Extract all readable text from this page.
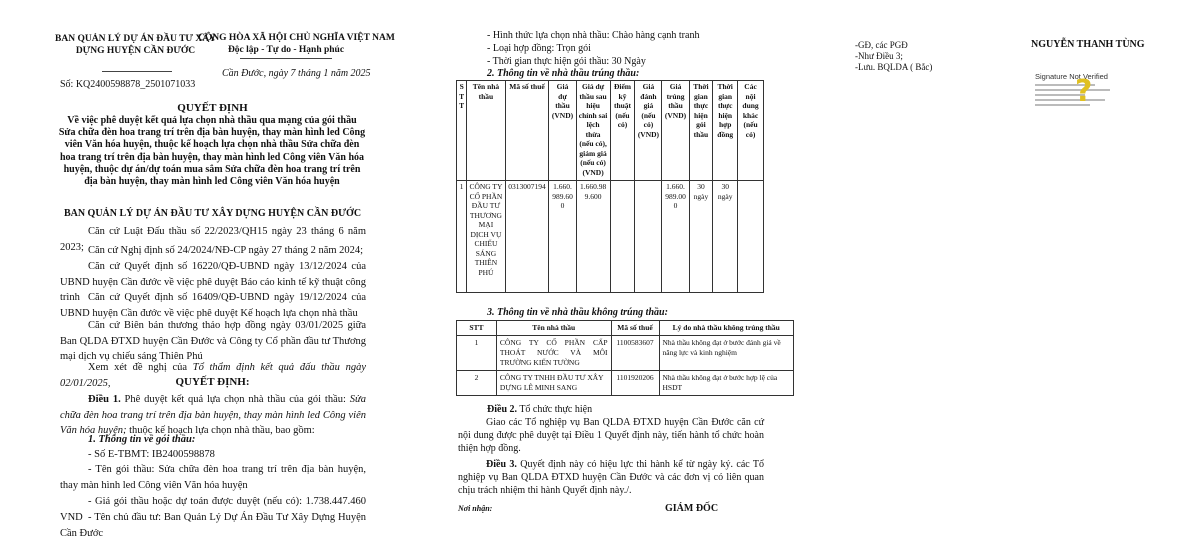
BAN QUẢN LÝ DỰ ÁN ĐẦU TƯ XÂY DỰNG HUYỆN CẦN ĐƯỚC
CỘNG HÒA XÃ HỘI CHỦ NGHĨA VIỆT NAM
Độc lập - Tự do - Hạnh phúc
Cần Đước, ngày 7 tháng 1 năm 2025
Số: KQ2400598878_2501071033
QUYẾT ĐỊNH
Về việc phê duyệt kết quả lựa chọn nhà thầu qua mạng của gói thầu Sửa chữa đèn hoa trang trí trên địa bàn huyện, thay màn hình led Công viên Văn hóa huyện, thuộc kế hoạch lựa chọn nhà thầu Sửa chữa đèn hoa trang trí trên địa bàn huyện, thay màn hình led Công viên Văn hóa huyện, thuộc dự án/dự toán mua sắm Sửa chữa đèn hoa trang trí trên địa bàn huyện, thay màn hình led Công viên Văn hóa huyện
BAN QUẢN LÝ DỰ ÁN ĐẦU TƯ XÂY DỰNG HUYỆN CẦN ĐƯỚC
Căn cứ Luật Đấu thầu số 22/2023/QH15 ngày 23 tháng 6 năm 2023; Căn cứ Nghị định số 24/2024/NĐ-CP ngày 27 tháng 2 năm 2024;
Căn cứ Quyết định số 16220/QĐ-UBND ngày 13/12/2024 của UBND huyện Cần đước về việc phê duyệt Báo cáo kinh tế kỹ thuật công trình Căn cứ Quyết định số 16409/QĐ-UBND ngày 19/12/2024 của UBND huyện Cần đước về việc phê duyệt Kế hoạch lựa chọn nhà thầu
Căn cứ Biên bản thương thảo hợp đồng ngày 03/01/2025 giữa Ban QLDA ĐTXD huyện Cần Đước và Công ty Cổ phần đầu tư Thương mại dịch vụ chiếu sáng Thiên Phú
Xem xét đề nghị của Tổ thẩm định kết quả đấu thầu ngày 02/01/2025,	QUYẾT ĐỊNH:
Điều 1. Phê duyệt kết quả lựa chọn nhà thầu của gói thầu: Sửa chữa đèn hoa trang trí trên địa bàn huyện, thay màn hình led Công viên Văn hóa huyện; thuộc kế hoạch lựa chọn nhà thầu, bao gồm:
1. Thông tin về gói thầu:
- Số E-TBMT: IB2400598878
- Tên gói thầu: Sửa chữa đèn hoa trang trí trên địa bàn huyện, thay màn hình led Công viên Văn hóa huyện
- Giá gói thầu hoặc dự toán được duyệt (nếu có): 1.738.447.460 VND - Tên chủ đầu tư: Ban Quản Lý Dự Án Đầu Tư Xây Dựng Huyện Cần Đước
- Hình thức lựa chọn nhà thầu: Chào hàng cạnh tranh
- Loại hợp đồng: Trọn gói
- Thời gian thực hiện gói thầu: 30 Ngày
2. Thông tin về nhà thầu trúng thầu:
S T T	Tên nhà thầu	Mã số thuế	Giá dự thầu (VND)	Giá dự thầu sau hiệu chỉnh sai lệch thừa (nếu có), giảm giá (nếu có) (VND)	Điểm kỹ thuật (nếu có)	Giá đánh giá (nếu có) (VND)	Giá trúng thầu (VND)	Thời gian thực hiện gói thầu	Thời gian thực hiện hợp đồng	Các nội dung khác (nếu có)
1	CÔNG TY CỔ PHẦN ĐẦU TƯ THƯƠNG MẠI DỊCH VỤ CHIẾU SÁNG THIÊN PHÚ	0313007194	1.660.989.600	1.660.989.600			1.660.989.000	30 ngày	30 ngày	
3. Thông tin về nhà thầu không trúng thầu:
STT	Tên nhà thầu	Mã số thuế	Lý do nhà thầu không trúng thầu
1	CÔNG TY CỔ PHẦN CẤP THOÁT NƯỚC VÀ MÔI TRƯỜNG KIẾN TƯỜNG	1100583607	Nhà thầu không đạt ở bước đánh giá về năng lực và kinh nghiệm
2	CÔNG TY TNHH ĐẦU TƯ XÂY DỰNG LÊ MINH SANG	1101920206	Nhà thầu không đạt ở bước hợp lệ của HSDT
Điều 2. Tổ chức thực hiện
Giao các Tổ nghiệp vụ Ban QLDA ĐTXD huyện Cần Đước căn cứ nội dung được phê duyệt tại Điều 1 Quyết định này, tiến hành tổ chức hoàn thiện hợp đồng.
Điều 3. Quyết định này có hiệu lực thi hành kể từ ngày ký. các Tổ nghiệp vụ Ban QLDA ĐTXD huyện Cần Đước và các đơn vị có liên quan chịu trách nhiệm thi hành Quyết định này./.
Nơi nhận:	GIÁM ĐỐC
-GĐ, các PGĐ
-Như Điều 3;
-Lưu. BQLDA ( Bắc)
NGUYỄN THANH TÙNG
Signature Not Verified
?
